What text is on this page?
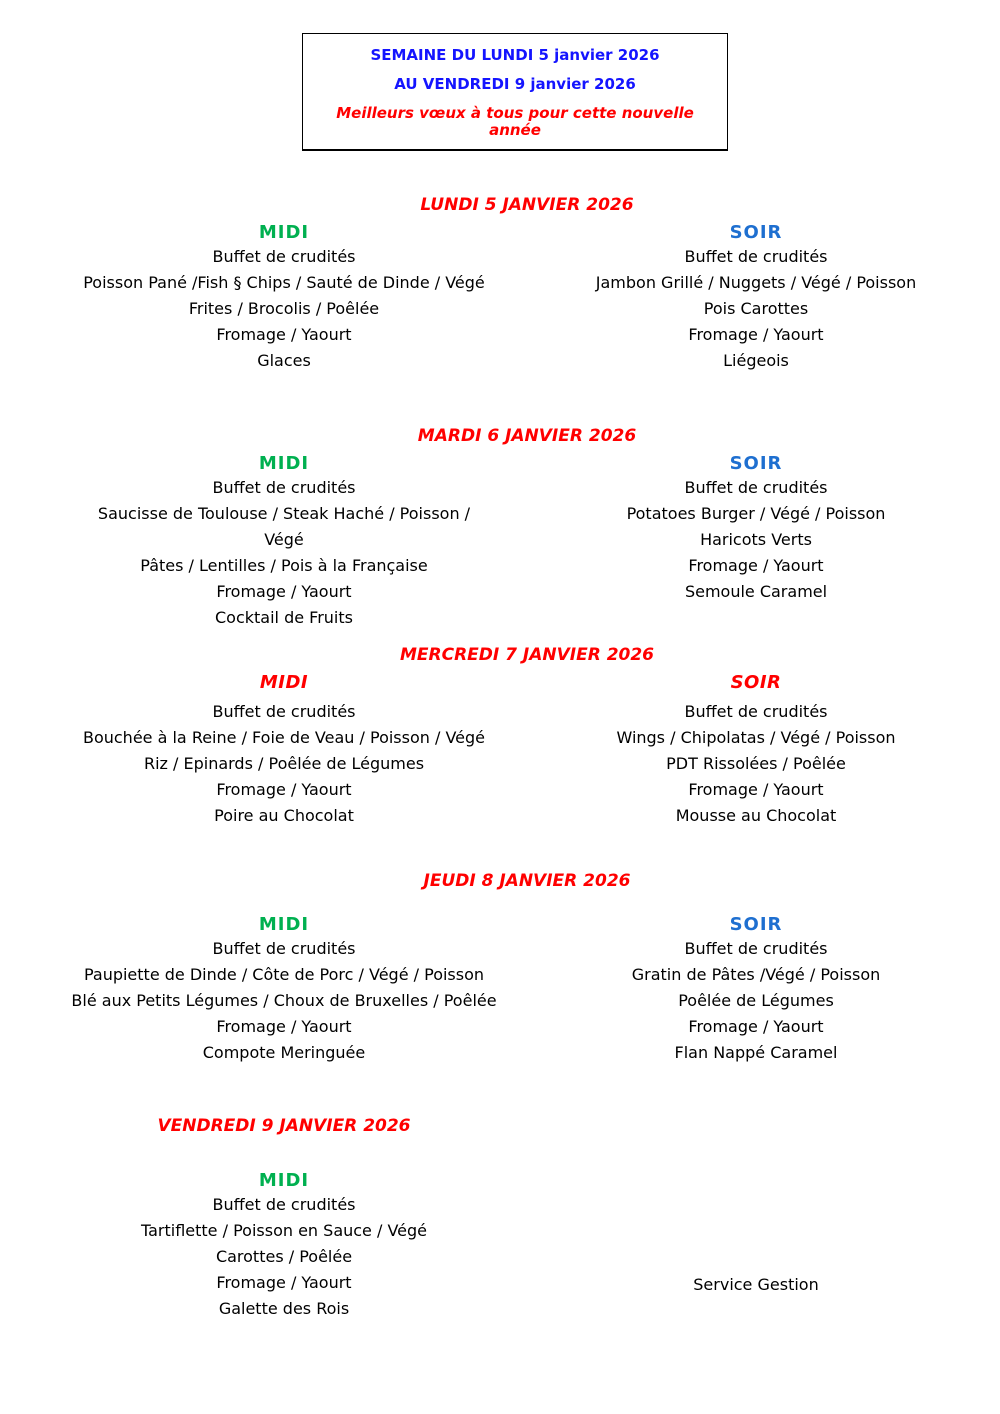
SEMAINE DU LUNDI 5 janvier 2026

AU VENDREDI 9 janvier 2026

Meilleurs vœux à tous pour cette nouvelle année

LUNDI 5 JANVIER 2026
MIDI
Buffet de crudités
Poisson Pané /Fish § Chips / Sauté de Dinde / Végé
Frites / Brocolis / Poêlée
Fromage / Yaourt
Glaces
SOIR
Buffet de crudités
Jambon Grillé / Nuggets / Végé / Poisson
Pois Carottes
Fromage / Yaourt
Liégeois
MARDI 6 JANVIER 2026
MIDI
Buffet de crudités
Saucisse de Toulouse / Steak Haché / Poisson /
Végé
Pâtes / Lentilles / Pois à la Française
Fromage / Yaourt
Cocktail de Fruits
SOIR
Buffet de crudités
Potatoes Burger / Végé / Poisson
Haricots Verts
Fromage / Yaourt
Semoule Caramel
MERCREDI 7 JANVIER 2026
MIDI
Buffet de crudités
Bouchée à la Reine / Foie de Veau / Poisson / Végé
Riz / Epinards / Poêlée de Légumes
Fromage / Yaourt
Poire au Chocolat
SOIR
Buffet de crudités
Wings / Chipolatas / Végé / Poisson
PDT Rissolées / Poêlée
Fromage / Yaourt
Mousse au Chocolat
JEUDI 8 JANVIER 2026
MIDI
Buffet de crudités
Paupiette de Dinde / Côte de Porc / Végé / Poisson
Blé aux Petits Légumes / Choux de Bruxelles / Poêlée
Fromage / Yaourt
Compote Meringuée
SOIR
Buffet de crudités
Gratin de Pâtes /Végé / Poisson
Poêlée de Légumes
Fromage / Yaourt
Flan Nappé Caramel
VENDREDI 9 JANVIER 2026
MIDI
Buffet de crudités
Tartiflette / Poisson en Sauce / Végé
Carottes / Poêlée
Fromage / Yaourt
Galette des Rois
Service Gestion
